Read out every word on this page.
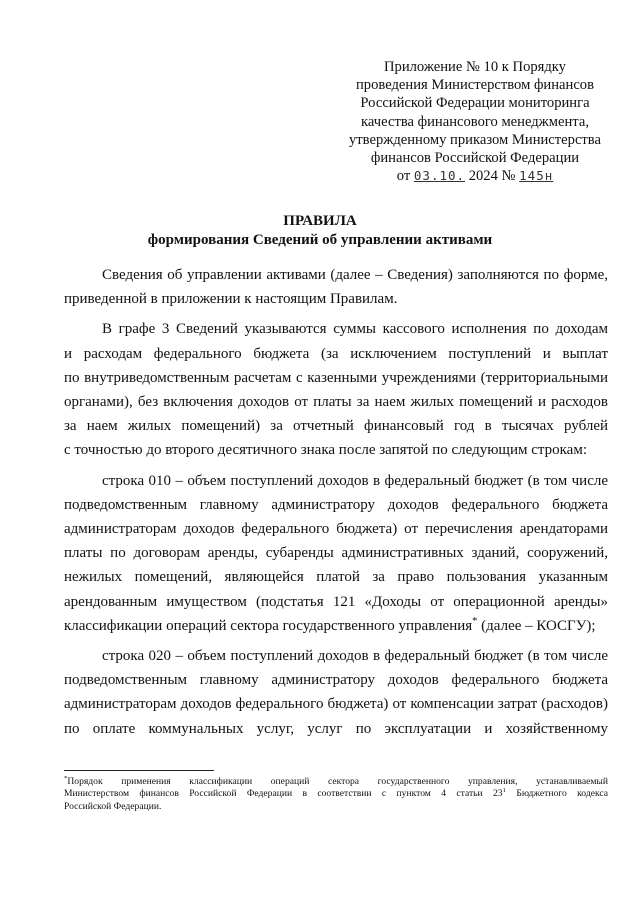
Приложение № 10 к Порядку
проведения Министерством финансов
Российской Федерации мониторинга
качества финансового менеджмента,
утвержденному приказом Министерства
финансов Российской Федерации
от 03.10. 2024 № 145н
ПРАВИЛА
формирования Сведений об управлении активами

Сведения об управлении активами (далее – Сведения) заполняются по форме,
приведенной в приложении к настоящим Правилам.

В графе 3 Сведений указываются суммы кассового исполнения по доходам
и расходам федерального бюджета (за исключением поступлений и выплат
по внутриведомственным расчетам с казенными учреждениями (территориальными
органами), без включения доходов от платы за наем жилых помещений и расходов
за наем жилых помещений) за отчетный финансовый год в тысячах рублей
с точностью до второго десятичного знака после запятой по следующим строкам:

строка 010 – объем поступлений доходов в федеральный бюджет (в том числе
подведомственным главному администратору доходов федерального бюджета
администраторам доходов федерального бюджета) от перечисления арендаторами
платы по договорам аренды, субаренды административных зданий, сооружений,
нежилых помещений, являющейся платой за право пользования указанным
арендованным имуществом (подстатья 121 «Доходы от операционной аренды»
классификации операций сектора государственного управления* (далее – КОСГУ);

строка 020 – объем поступлений доходов в федеральный бюджет (в том числе
подведомственным главному администратору доходов федерального бюджета
администраторам доходов федерального бюджета) от компенсации затрат (расходов)
по оплате коммунальных услуг, услуг по эксплуатации и хозяйственному

*Порядок применения классификации операций сектора государственного управления, устанавливаемый
Министерством финансов Российской Федерации в соответствии с пунктом 4 статьи $23^1$ Бюджетного кодекса
Российской Федерации.
